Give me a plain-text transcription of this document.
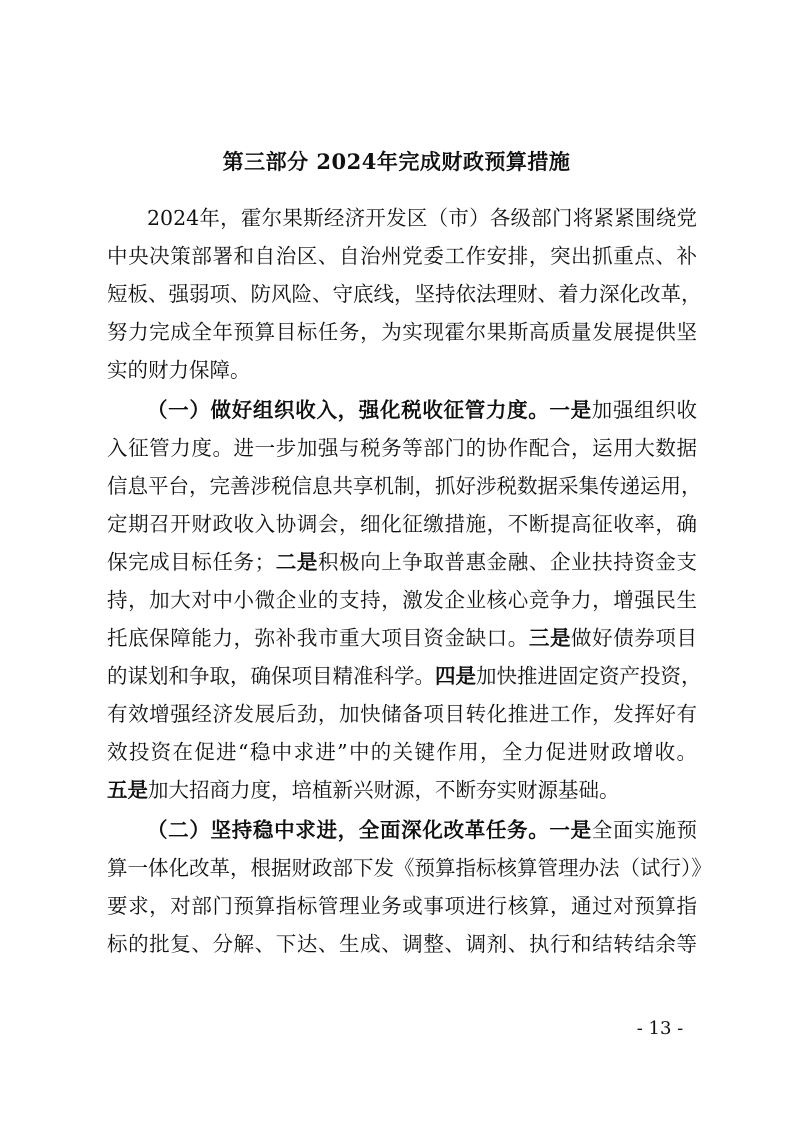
第三部分 2024年完成财政预算措施
2024年，霍尔果斯经济开发区（市）各级部门将紧紧围绕党
中央决策部署和自治区、自治州党委工作安排，突出抓重点、补
短板、强弱项、防风险、守底线，坚持依法理财、着力深化改革，
努力完成全年预算目标任务，为实现霍尔果斯高质量发展提供坚
实的财力保障。
（一）做好组织收入，强化税收征管力度。一是加强组织收
入征管力度。进一步加强与税务等部门的协作配合，运用大数据
信息平台，完善涉税信息共享机制，抓好涉税数据采集传递运用，
定期召开财政收入协调会，细化征缴措施，不断提高征收率，确
保完成目标任务；二是积极向上争取普惠金融、企业扶持资金支
持，加大对中小微企业的支持，激发企业核心竞争力，增强民生
托底保障能力，弥补我市重大项目资金缺口。三是做好债券项目
的谋划和争取，确保项目精准科学。四是加快推进固定资产投资，
有效增强经济发展后劲，加快储备项目转化推进工作，发挥好有
效投资在促进“稳中求进”中的关键作用，全力促进财政增收。
五是加大招商力度，培植新兴财源，不断夯实财源基础。
（二）坚持稳中求进，全面深化改革任务。一是全面实施预
算一体化改革，根据财政部下发《预算指标核算管理办法（试行）》
要求，对部门预算指标管理业务或事项进行核算，通过对预算指
标的批复、分解、下达、生成、调整、调剂、执行和结转结余等
- 13 -
